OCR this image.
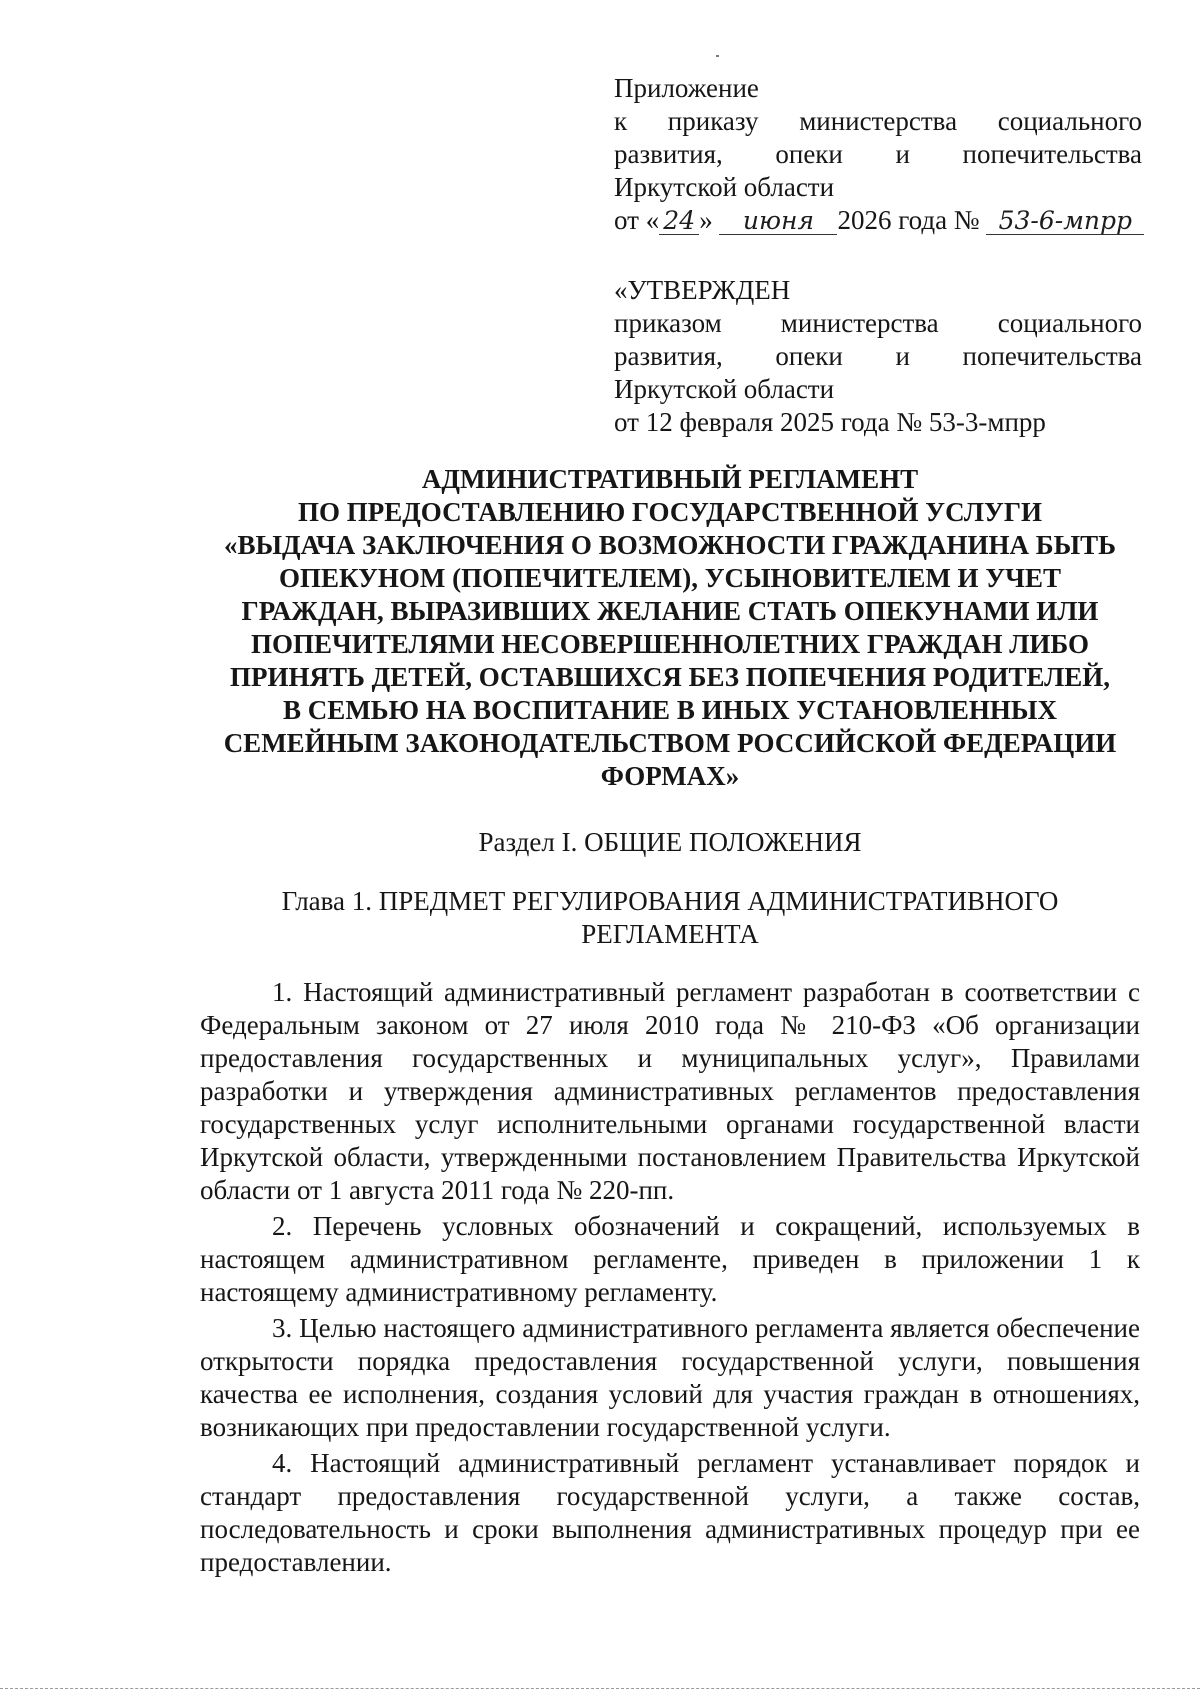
Приложение
к приказу министерства социального
развития, опеки и попечительства
Иркутской области
от « 24 » июня 2026 года № 53-6-мпрр
«УТВЕРЖДЕН
приказом министерства социального
развития, опеки и попечительства
Иркутской области
от 12 февраля 2025 года № 53-3-мпрр
АДМИНИСТРАТИВНЫЙ РЕГЛАМЕНТ
ПО ПРЕДОСТАВЛЕНИЮ ГОСУДАРСТВЕННОЙ УСЛУГИ
«ВЫДАЧА ЗАКЛЮЧЕНИЯ О ВОЗМОЖНОСТИ ГРАЖДАНИНА БЫТЬ
ОПЕКУНОМ (ПОПЕЧИТЕЛЕМ), УСЫНОВИТЕЛЕМ И УЧЕТ
ГРАЖДАН, ВЫРАЗИВШИХ ЖЕЛАНИЕ СТАТЬ ОПЕКУНАМИ ИЛИ
ПОПЕЧИТЕЛЯМИ НЕСОВЕРШЕННОЛЕТНИХ ГРАЖДАН ЛИБО
ПРИНЯТЬ ДЕТЕЙ, ОСТАВШИХСЯ БЕЗ ПОПЕЧЕНИЯ РОДИТЕЛЕЙ,
В СЕМЬЮ НА ВОСПИТАНИЕ В ИНЫХ УСТАНОВЛЕННЫХ
СЕМЕЙНЫМ ЗАКОНОДАТЕЛЬСТВОМ РОССИЙСКОЙ ФЕДЕРАЦИИ
ФОРМАХ»
Раздел I. ОБЩИЕ ПОЛОЖЕНИЯ
Глава 1. ПРЕДМЕТ РЕГУЛИРОВАНИЯ АДМИНИСТРАТИВНОГО
РЕГЛАМЕНТА

1. Настоящий административный регламент разработан в соответствии с Федеральным законом от 27 июля 2010 года № 210-ФЗ «Об организации предоставления государственных и муниципальных услуг», Правилами разработки и утверждения административных регламентов предоставления государственных услуг исполнительными органами государственной власти Иркутской области, утвержденными постановлением Правительства Иркутской области от 1 августа 2011 года № 220-пп.

2. Перечень условных обозначений и сокращений, используемых в настоящем административном регламенте, приведен в приложении 1 к настоящему административному регламенту.

3. Целью настоящего административного регламента является обеспечение открытости порядка предоставления государственной услуги, повышения качества ее исполнения, создания условий для участия граждан в отношениях, возникающих при предоставлении государственной услуги.

4. Настоящий административный регламент устанавливает порядок и стандарт предоставления государственной услуги, а также состав, последовательность и сроки выполнения административных процедур при ее предоставлении.
